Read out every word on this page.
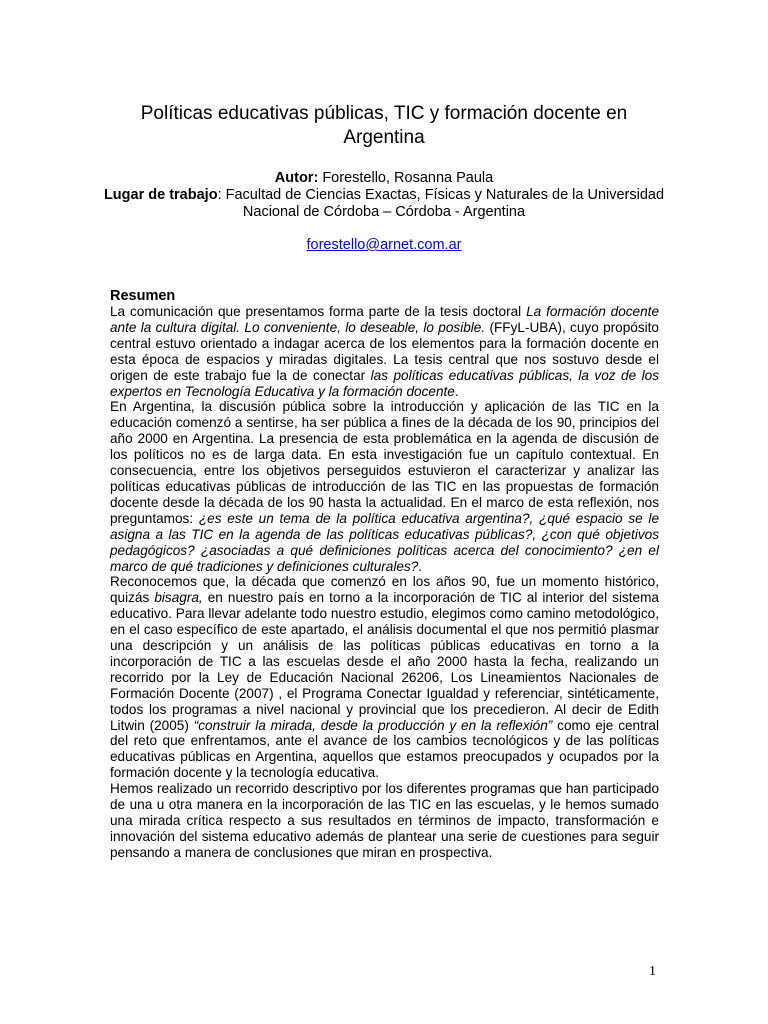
Políticas educativas públicas, TIC y formación docente en Argentina
Autor: Forestello, Rosanna Paula
Lugar de trabajo: Facultad de Ciencias Exactas, Físicas y Naturales de la Universidad Nacional de Córdoba – Córdoba - Argentina
forestello@arnet.com.ar
Resumen

La comunicación que presentamos forma parte de la tesis doctoral La formación docente ante la cultura digital. Lo conveniente, lo deseable, lo posible. (FFyL-UBA), cuyo propósito central estuvo orientado a indagar acerca de los elementos para la formación docente en esta época de espacios y miradas digitales. La tesis central que nos sostuvo desde el origen de este trabajo fue la de conectar las políticas educativas públicas, la voz de los expertos en Tecnología Educativa y la formación docente.

En Argentina, la discusión pública sobre la introducción y aplicación de las TIC en la educación comenzó a sentirse, ha ser pública a fines de la década de los 90, principios del año 2000 en Argentina. La presencia de esta problemática en la agenda de discusión de los políticos no es de larga data. En esta investigación fue un capítulo contextual. En consecuencia, entre los objetivos perseguidos estuvieron el caracterizar y analizar las políticas educativas públicas de introducción de las TIC en las propuestas de formación docente desde la década de los 90 hasta la actualidad. En el marco de esta reflexión, nos preguntamos: ¿es este un tema de la política educativa argentina?, ¿qué espacio se le asigna a las TIC en la agenda de las políticas educativas públicas?, ¿con qué objetivos pedagógicos? ¿asociadas a qué definiciones políticas acerca del conocimiento? ¿en el marco de qué tradiciones y definiciones culturales?.

Reconocemos que, la década que comenzó en los años 90, fue un momento histórico, quizás bisagra, en nuestro país en torno a la incorporación de TIC al interior del sistema educativo. Para llevar adelante todo nuestro estudio, elegimos como camino metodológico, en el caso específico de este apartado, el análisis documental el que nos permitió plasmar una descripción y un análisis de las políticas públicas educativas en torno a la incorporación de TIC a las escuelas desde el año 2000 hasta la fecha, realizando un recorrido por la Ley de Educación Nacional 26206, Los Lineamientos Nacionales de Formación Docente (2007) , el Programa Conectar Igualdad y referenciar, sintéticamente, todos los programas a nivel nacional y provincial que los precedieron. Al decir de Edith Litwin (2005) “construir la mirada, desde la producción y en la reflexión” como eje central del reto que enfrentamos, ante el avance de los cambios tecnológicos y de las políticas educativas públicas en Argentina, aquellos que estamos preocupados y ocupados por la formación docente y la tecnología educativa.

Hemos realizado un recorrido descriptivo por los diferentes programas que han participado de una u otra manera en la incorporación de las TIC en las escuelas, y le hemos sumado una mirada crítica respecto a sus resultados en términos de impacto, transformación e innovación del sistema educativo además de plantear una serie de cuestiones para seguir pensando a manera de conclusiones que miran en prospectiva.

1
